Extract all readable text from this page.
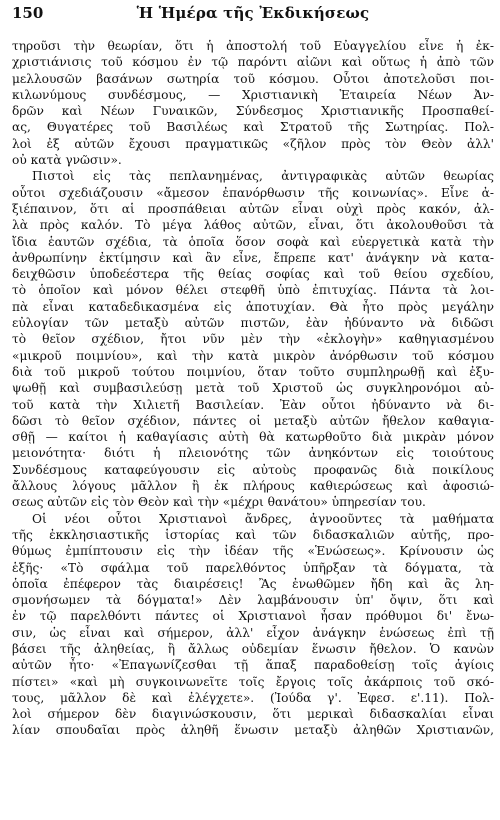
150	Ἡ Ἡμέρα τῆς Ἐκδικήσεως
τηροῦσι τὴν θεωρίαν, ὅτι ἡ ἀποστολή τοῦ Εὐαγγελίου εἶνε ἡ ἐκ-
χριστιάνισις τοῦ κόσμου ἐν τῷ παρόντι αἰῶνι καὶ οὕτως ἡ ἀπὸ τῶν
μελλουσῶν βασάνων σωτηρία τοῦ κόσμου. Οὗτοι ἀποτελοῦσι ποι-
κιλωνύμους συνδέσμους, — Χριστιανικὴ Ἑταιρεία Νέων Ἀν-
δρῶν καὶ Νέων Γυναικῶν, Σύνδεσμος Χριστιανικῆς Προσπαθεί-
ας, Θυγατέρες τοῦ Βασιλέως καὶ Στρατοῦ τῆς Σωτηρίας. Πολ-
λοὶ ἐξ αὐτῶν ἔχουσι πραγματικῶς «ζῆλον πρὸς τὸν Θεὸν ἀλλ'
οὐ κατὰ γνῶσιν».
Πιστοὶ εἰς τὰς πεπλανημένας, ἀντιγραφικὰς αὐτῶν θεωρίας
οὗτοι σχεδιάζουσιν «ἄμεσον ἐπανόρθωσιν τῆς κοινωνίας». Εἶνε ἀ-
ξιέπαινον, ὅτι αἱ προσπάθειαι αὐτῶν εἶναι οὐχὶ πρὸς κακόν, ἀλ-
λὰ πρὸς καλόν. Τὸ μέγα λάθος αὐτῶν, εἶναι, ὅτι ἀκολουθοῦσι τὰ
ἴδια ἑαυτῶν σχέδια, τὰ ὁποῖα ὅσον σοφὰ καὶ εὐεργετικὰ κατὰ τὴν
ἀνθρωπίνην ἐκτίμησιν καὶ ἂν εἶνε, ἔπρεπε κατ' ἀνάγκην νὰ κατα-
δειχθῶσιν ὑποδεέστερα τῆς θείας σοφίας καὶ τοῦ θείου σχεδίου,
τὸ ὁποῖον καὶ μόνον θέλει στεφθῆ ὑπὸ ἐπιτυχίας. Πάντα τὰ λοι-
πὰ εἶναι καταδεδικασμένα εἰς ἀποτυχίαν. Θὰ ἦτο πρὸς μεγάλην
εὐλογίαν τῶν μεταξὺ αὐτῶν πιστῶν, ἐὰν ἠδύναντο νὰ διδῶσι
τὸ θεῖον σχέδιον, ἤτοι νῦν μὲν τὴν «ἐκλογὴν» καθηγιασμένου
«μικροῦ ποιμνίου», καὶ τὴν κατὰ μικρὸν ἀνόρθωσιν τοῦ κόσμου
διὰ τοῦ μικροῦ τούτου ποιμνίου, ὅταν τοῦτο συμπληρωθῇ καὶ ἐξυ-
ψωθῇ καὶ συμβασιλεύσῃ μετὰ τοῦ Χριστοῦ ὡς συγκληρονόμοι αὐ-
τοῦ κατὰ τὴν Χιλιετῆ Βασιλείαν. Ἐὰν οὗτοι ἠδύναντο νὰ δι-
δῶσι τὸ θεῖον σχέδιον, πάντες οἱ μεταξὺ αὐτῶν ἤθελον καθαγια-
σθῇ — καίτοι ἡ καθαγίασις αὐτὴ θὰ κατωρθοῦτο διὰ μικρὰν μόνον
μειονότητα· διότι ἡ πλειονότης τῶν ἀνηκόντων εἰς τοιούτους
Συνδέσμους καταφεύγουσιν εἰς αὐτοὺς προφανῶς διὰ ποικίλους
ἄλλους λόγους μᾶλλον ἢ ἐκ πλήρους καθιερώσεως καὶ ἀφοσιώ-
σεως αὐτῶν εἰς τὸν Θεὸν καὶ τὴν «μέχρι θανάτου» ὑπηρεσίαν του.
Οἱ νέοι οὗτοι Χριστιανοὶ ἄνδρες, ἀγνοοῦντες τὰ μαθήματα
τῆς ἐκκλησιαστικῆς ἱστορίας καὶ τῶν διδασκαλιῶν αὐτῆς, προ-
θύμως ἐμπίπτουσιν εἰς τὴν ἰδέαν τῆς «Ἑνώσεως». Κρίνουσιν ὡς
ἑξῆς· «Τὸ σφάλμα τοῦ παρελθόντος ὑπῆρξαν τὰ δόγματα, τὰ
ὁποῖα ἐπέφερον τὰς διαιρέσεις! Ἂς ἐνωθῶμεν ἤδη καὶ ἂς λη-
σμονήσωμεν τὰ δόγματα!» Δὲν λαμβάνουσιν ὑπ' ὄψιν, ὅτι καὶ
ἐν τῷ παρελθόντι πάντες οἱ Χριστιανοὶ ἦσαν πρόθυμοι δι' ἔνω-
σιν, ὡς εἶναι καὶ σήμερον, ἀλλ' εἶχον ἀνάγκην ἑνώσεως ἐπὶ τῇ
βάσει τῆς ἀληθείας, ἢ ἄλλως οὐδεμίαν ἕνωσιν ἤθελον. Ὁ κανὼν
αὐτῶν ἦτο· «Ἐπαγωνίζεσθαι τῇ ἅπαξ παραδοθείσῃ τοῖς ἁγίοις
πίστει» «καὶ μὴ συγκοινωνεῖτε τοῖς ἔργοις τοῖς ἀκάρποις τοῦ σκό-
τους, μᾶλλον δὲ καὶ ἐλέγχετε». (Ἰούδα γ'. Ἐφεσ. ε'.11). Πολ-
λοὶ σήμερον δὲν διαγινώσκουσιν, ὅτι μερικαὶ διδασκαλίαι εἶναι
λίαν σπουδαῖαι πρὸς ἀληθῆ ἕνωσιν μεταξὺ ἀληθῶν Χριστιανῶν,
